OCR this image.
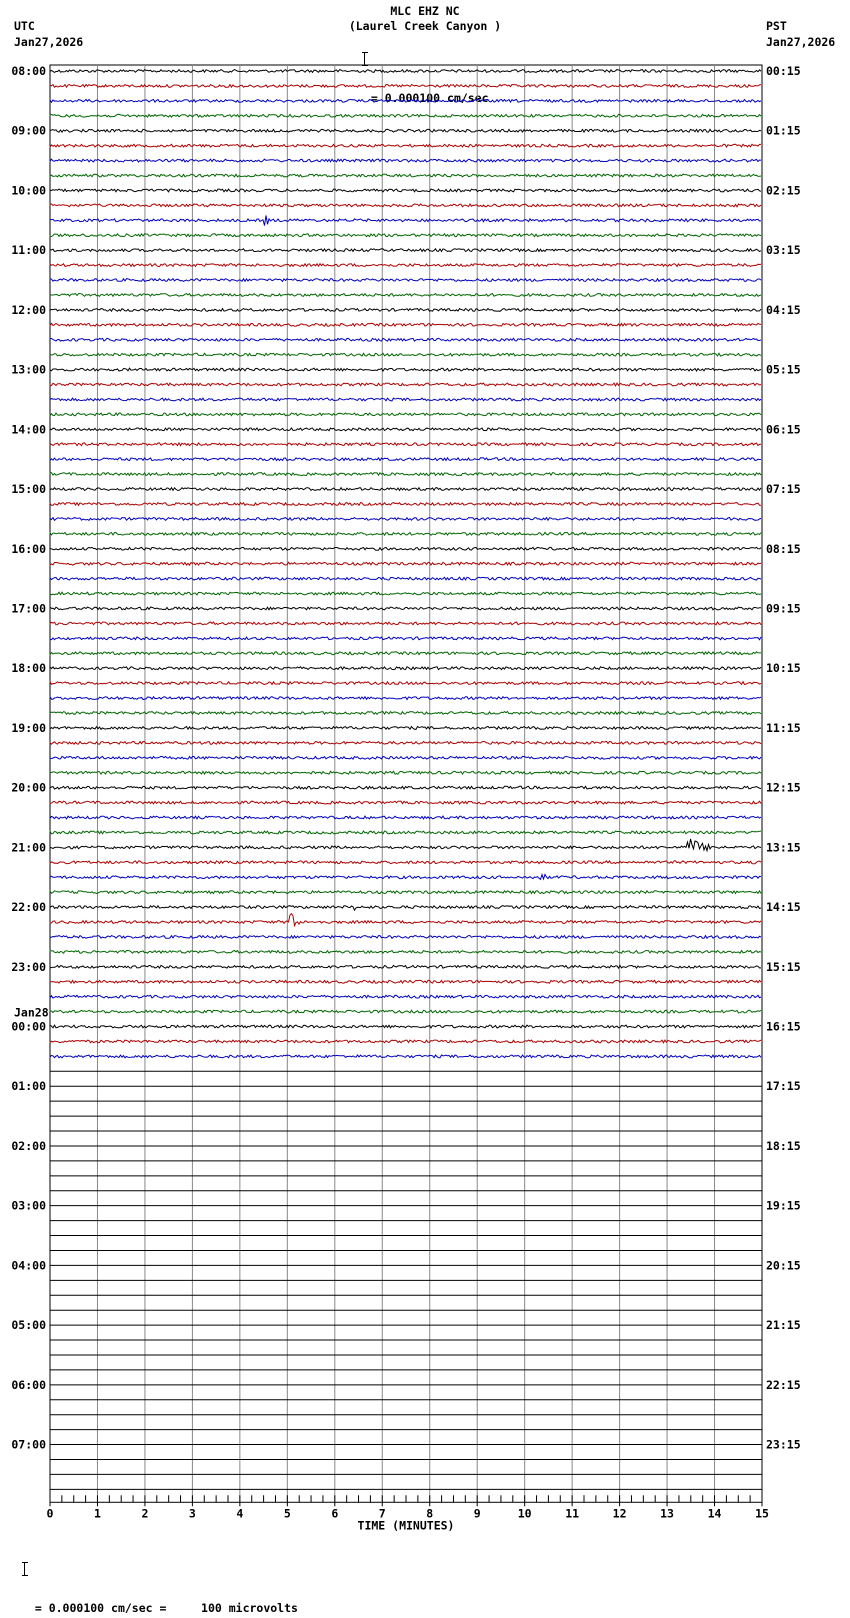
MLC EHZ NC
(Laurel Creek Canyon )
UTC
Jan27,2026
PST
Jan27,2026

= 0.000100 cm/sec

= 0.000100 cm/sec =     100 microvolts

08:00
09:00
10:00
11:00
12:00
13:00
14:00
15:00
16:00
17:00
18:00
19:00
20:00
21:00
22:00
23:00
00:00
01:00
02:00
03:00
04:00
05:00
06:00
07:00
00:15
01:15
02:15
03:15
04:15
05:15
06:15
07:15
08:15
09:15
10:15
11:15
12:15
13:15
14:15
15:15
16:15
17:15
18:15
19:15
20:15
21:15
22:15
23:15
Jan28
0	1	2	3	4	5	6	7	8	9	10	11	12	13	14	15
TIME (MINUTES)
